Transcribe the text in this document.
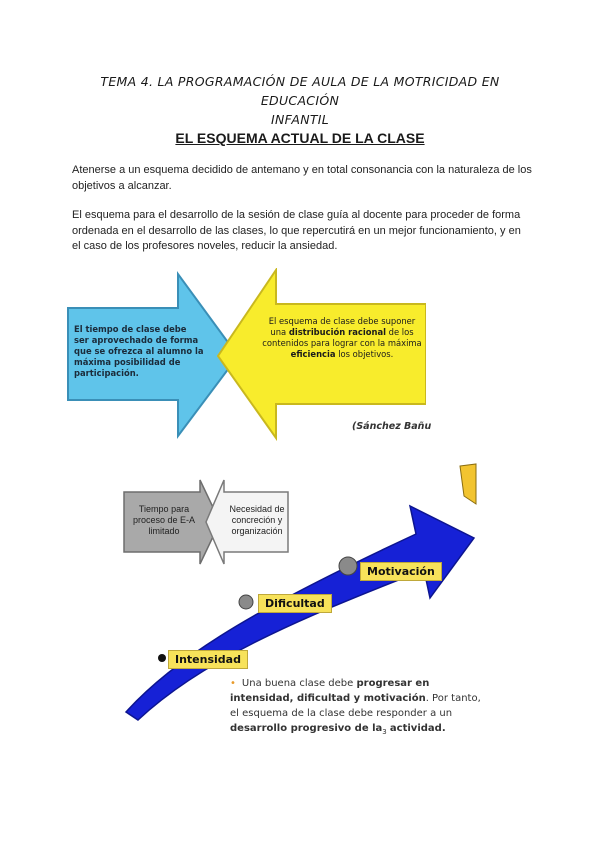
TEMA 4. LA PROGRAMACIÓN DE AULA DE LA MOTRICIDAD EN EDUCACIÓN
INFANTIL
EL ESQUEMA ACTUAL DE LA CLASE
Atenerse a un esquema decidido de antemano y en total consonancia con la naturaleza de los objetivos a alcanzar.
El esquema para el desarrollo de la sesión de clase guía al docente para proceder de forma ordenada en el desarrollo de las clases, lo que repercutirá en un mejor funcionamiento, y en el caso de los profesores noveles, reducir la ansiedad.
El tiempo de clase debe ser aprovechado de forma que se ofrezca al alumno la máxima posibilidad de participación.
El esquema de clase debe suponer una distribución racional de los contenidos para lograr con la máxima eficiencia los objetivos.
(Sánchez Bañu
Tiempo para proceso de E-A limitado
Necesidad de concreción y organización
Intensidad
Dificultad
Motivación
• Una buena clase debe progresar en intensidad, dificultad y motivación. Por tanto, el esquema de la clase debe responder a un desarrollo progresivo de $la_3$ actividad.
